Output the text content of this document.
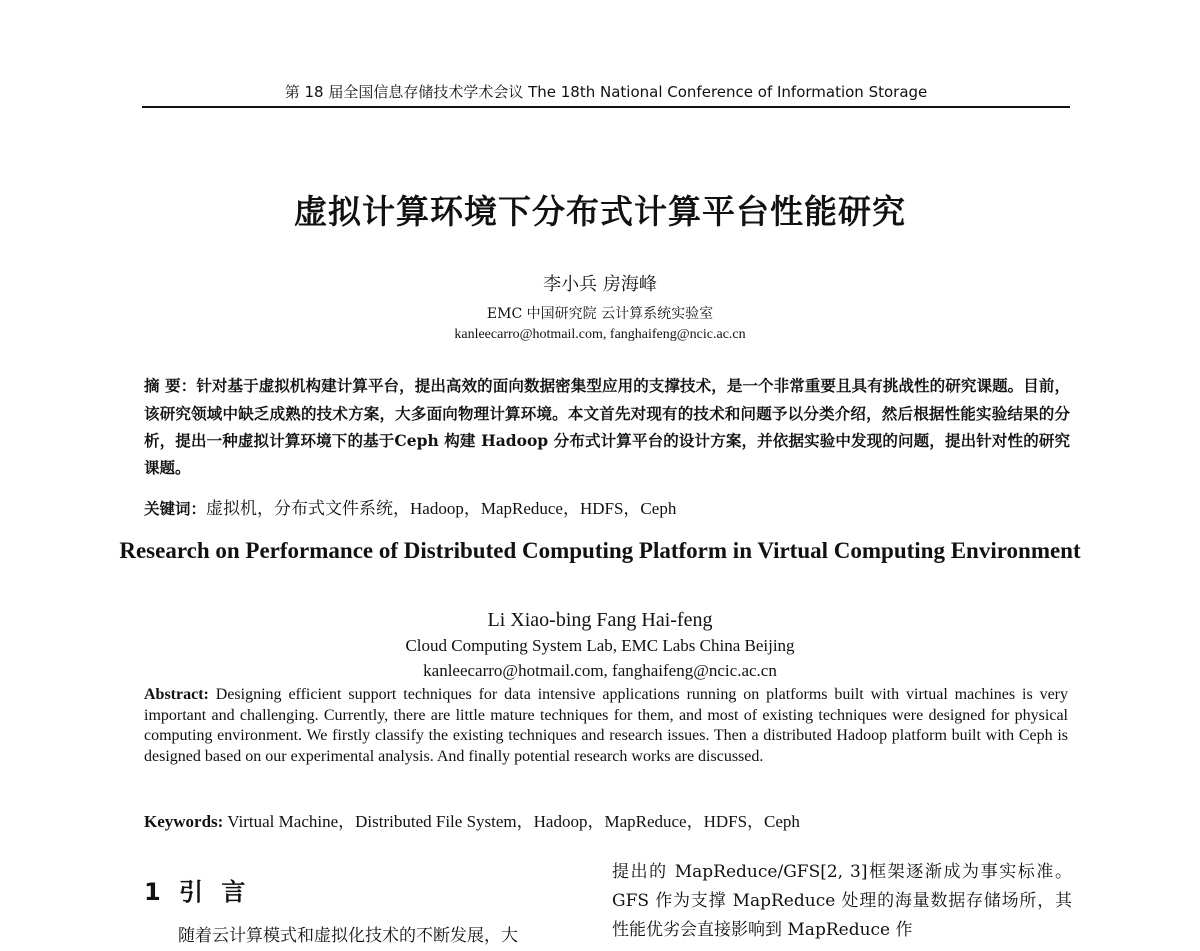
第 18 届全国信息存储技术学术会议 The 18th National Conference of Information Storage
虚拟计算环境下分布式计算平台性能研究
李小兵 房海峰
EMC 中国研究院 云计算系统实验室
kanleecarro@hotmail.com, fanghaifeng@ncic.ac.cn
摘 要：针对基于虚拟机构建计算平台，提出高效的面向数据密集型应用的支撑技术，是一个非常重要且具有挑战性的研究课题。目前，该研究领域中缺乏成熟的技术方案，大多面向物理计算环境。本文首先对现有的技术和问题予以分类介绍，然后根据性能实验结果的分析，提出一种虚拟计算环境下的基于Ceph 构建 Hadoop 分布式计算平台的设计方案，并依据实验中发现的问题，提出针对性的研究课题。
关键词：虚拟机，分布式文件系统，Hadoop，MapReduce，HDFS，Ceph
Research on Performance of Distributed Computing Platform in Virtual Computing Environment
Li Xiao-bing Fang Hai-feng
Cloud Computing System Lab, EMC Labs China Beijing
kanleecarro@hotmail.com, fanghaifeng@ncic.ac.cn
Abstract: Designing efficient support techniques for data intensive applications running on platforms built with virtual machines is very important and challenging. Currently, there are little mature techniques for them, and most of existing techniques were designed for physical computing environment. We firstly classify the existing techniques and research issues. Then a distributed Hadoop platform built with Ceph is designed based on our experimental analysis. And finally potential research works are discussed.
Keywords: Virtual Machine，Distributed File System，Hadoop，MapReduce，HDFS，Ceph
1 引 言
随着云计算模式和虚拟化技术的不断发展，大
提出的 MapReduce/GFS[2, 3]框架逐渐成为事实标准。GFS 作为支撑 MapReduce 处理的海量数据存储场所，其性能优劣会直接影响到 MapReduce 作
